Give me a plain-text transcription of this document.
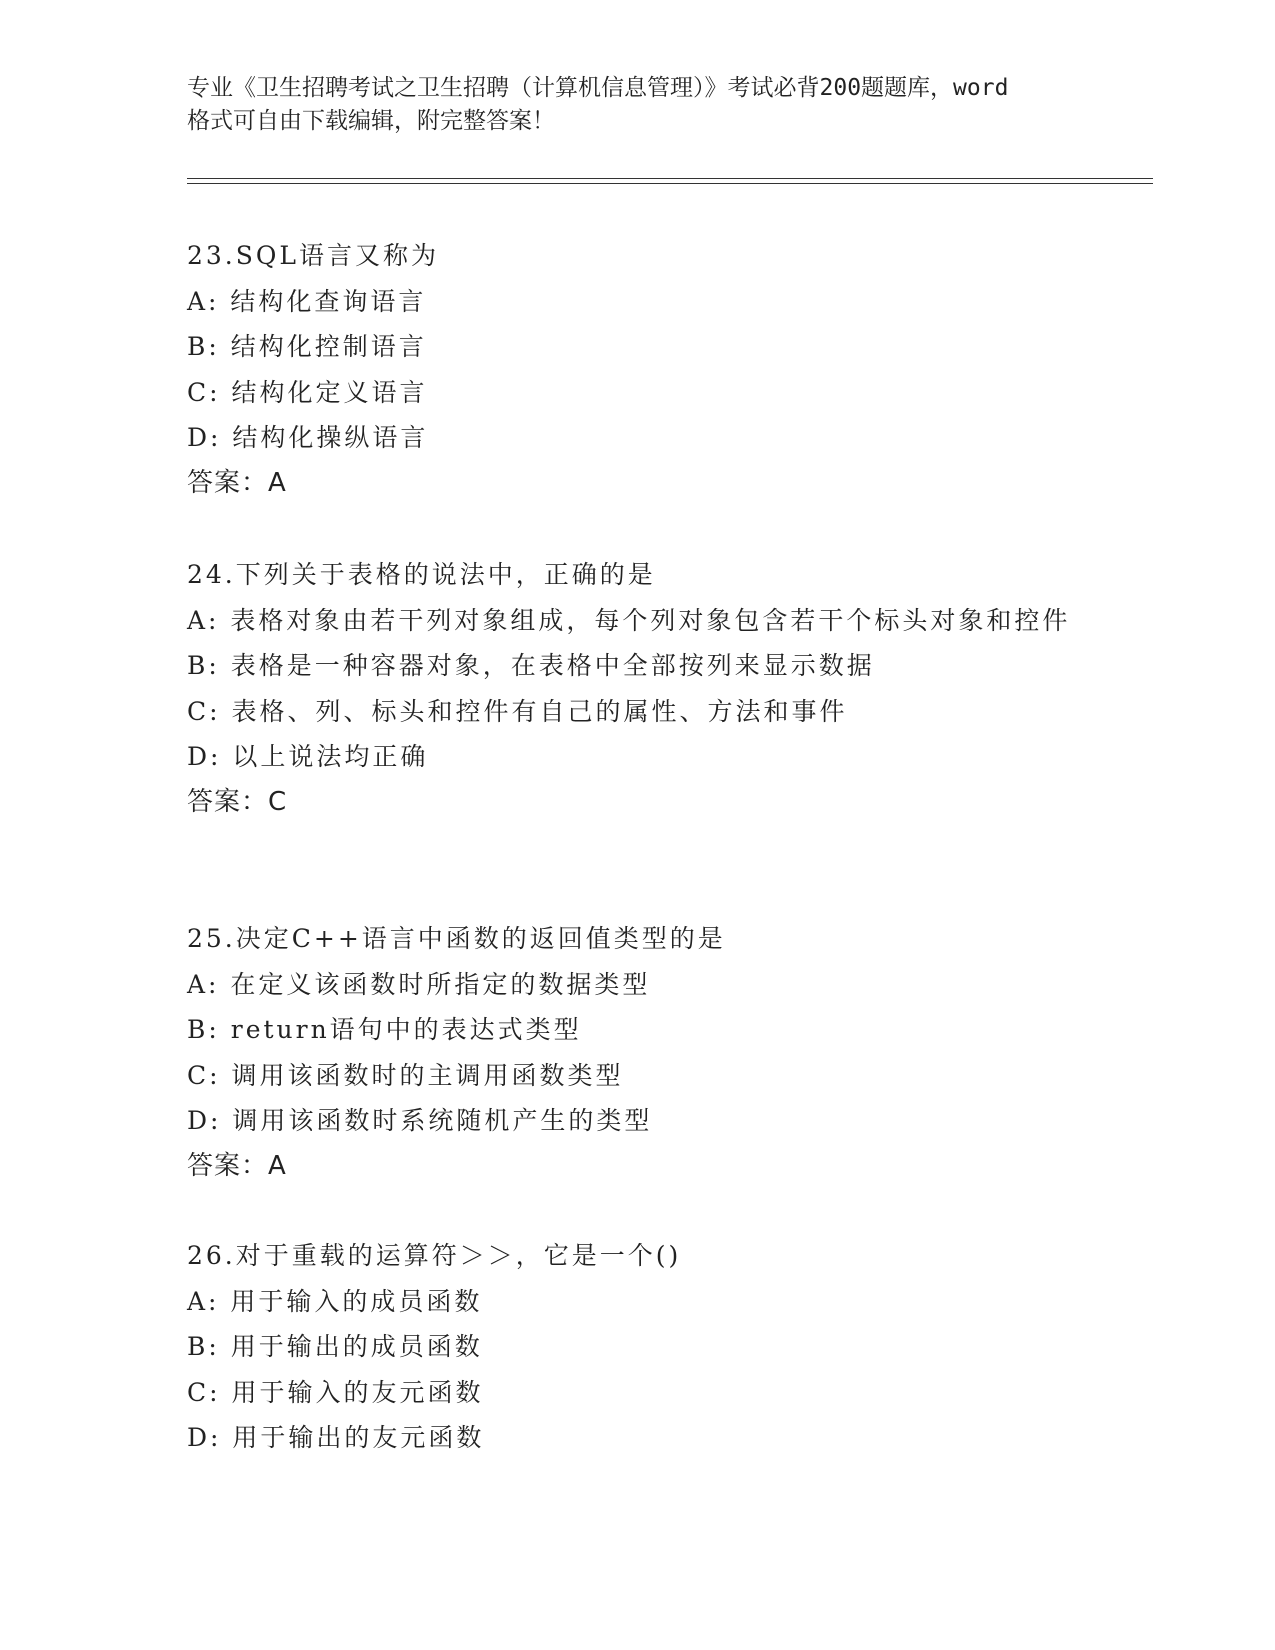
专业《卫生招聘考试之卫生招聘（计算机信息管理）》考试必背200题题库，word
格式可自由下载编辑，附完整答案！
23.SQL语言又称为
A: 结构化查询语言
B: 结构化控制语言
C: 结构化定义语言
D: 结构化操纵语言
答案：A
24.下列关于表格的说法中，正确的是
A: 表格对象由若干列对象组成，每个列对象包含若干个标头对象和控件
B: 表格是一种容器对象，在表格中全部按列来显示数据
C: 表格、列、标头和控件有自己的属性、方法和事件
D: 以上说法均正确
答案：C
25.决定C++语言中函数的返回值类型的是
A: 在定义该函数时所指定的数据类型
B: return语句中的表达式类型
C: 调用该函数时的主调用函数类型
D: 调用该函数时系统随机产生的类型
答案：A
26.对于重载的运算符＞＞，它是一个()
A: 用于输入的成员函数
B: 用于输出的成员函数
C: 用于输入的友元函数
D: 用于输出的友元函数
